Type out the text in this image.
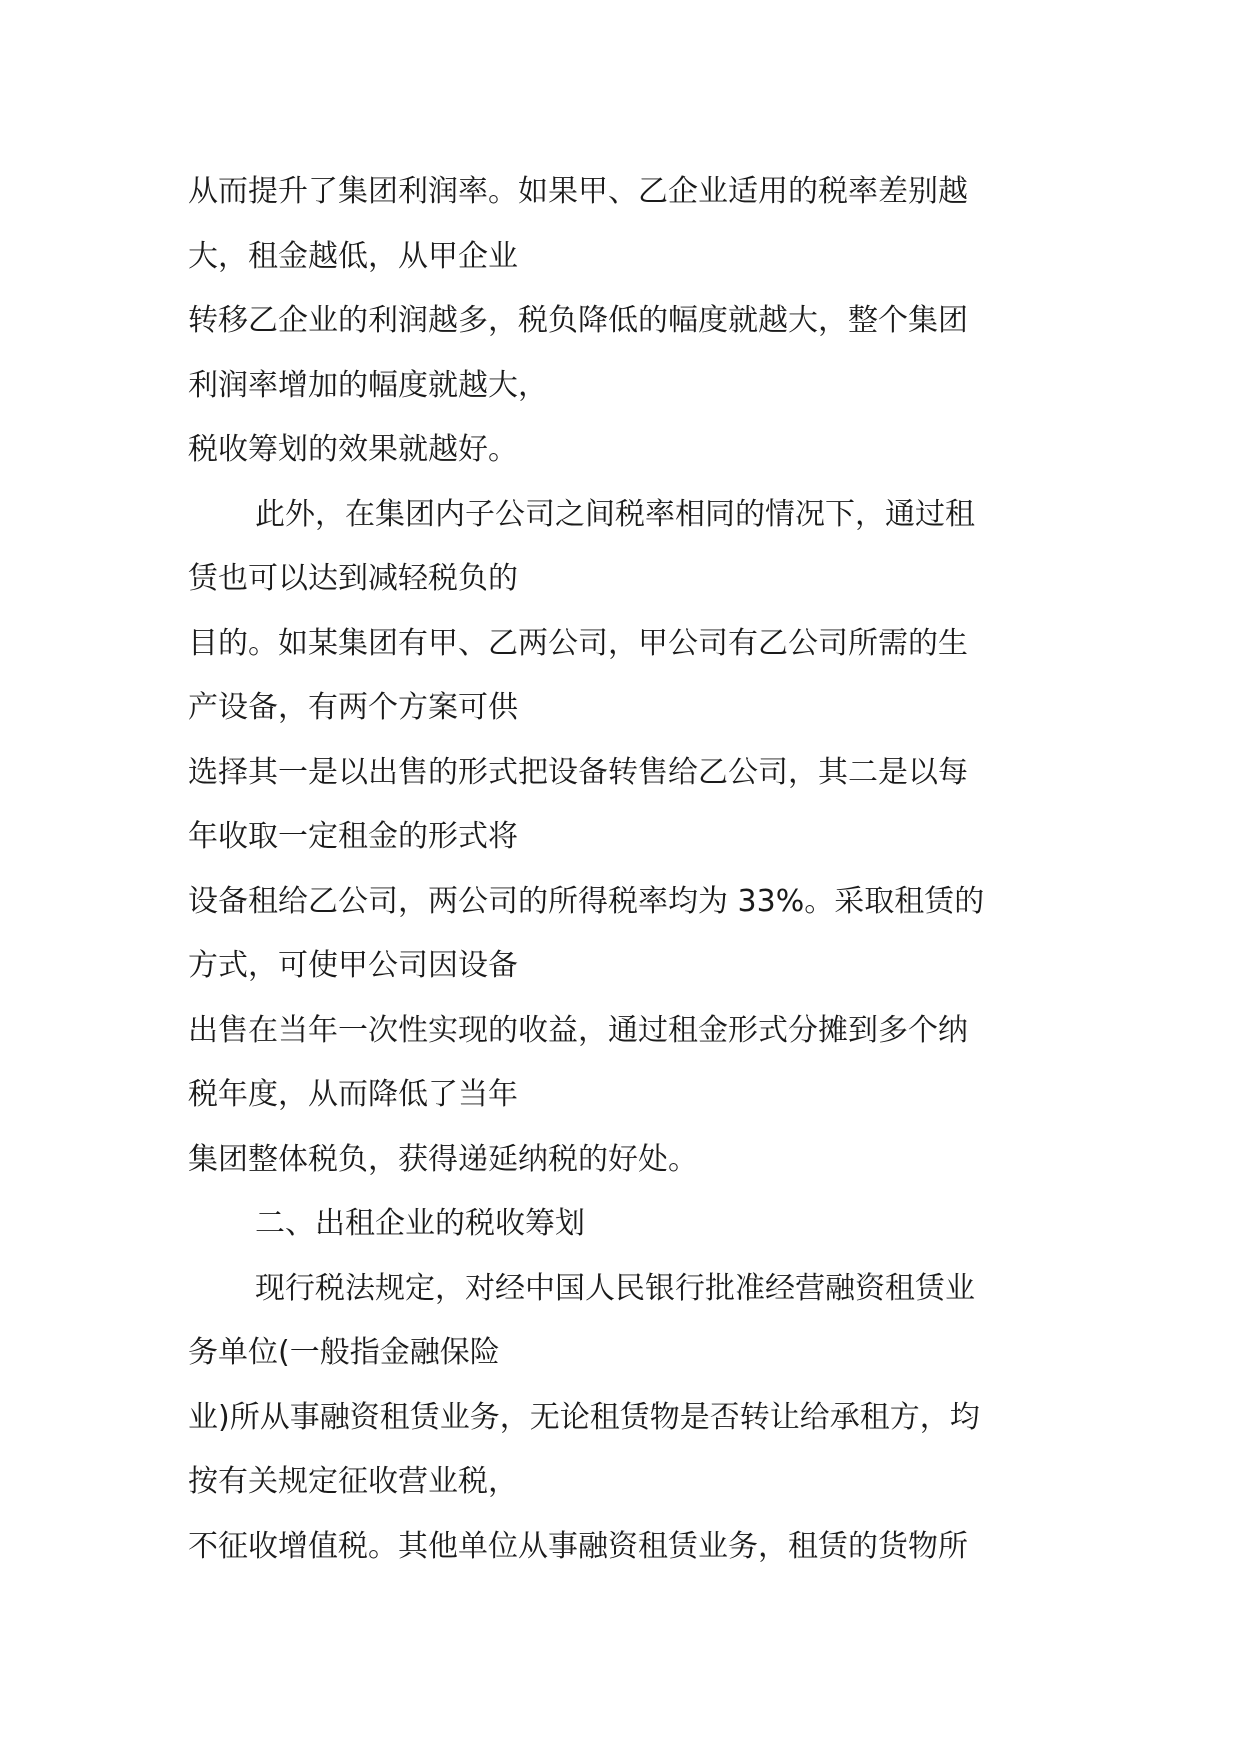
从而提升了集团利润率。如果甲、乙企业适用的税率差别越
大，租金越低，从甲企业
转移乙企业的利润越多，税负降低的幅度就越大，整个集团
利润率增加的幅度就越大，
税收筹划的效果就越好。
此外，在集团内子公司之间税率相同的情况下，通过租
赁也可以达到减轻税负的
目的。如某集团有甲、乙两公司，甲公司有乙公司所需的生
产设备，有两个方案可供
选择其一是以出售的形式把设备转售给乙公司，其二是以每
年收取一定租金的形式将
设备租给乙公司，两公司的所得税率均为 33%。采取租赁的
方式，可使甲公司因设备
出售在当年一次性实现的收益，通过租金形式分摊到多个纳
税年度，从而降低了当年
集团整体税负，获得递延纳税的好处。
二、出租企业的税收筹划
现行税法规定，对经中国人民银行批准经营融资租赁业
务单位(一般指金融保险
业)所从事融资租赁业务，无论租赁物是否转让给承租方，均
按有关规定征收营业税，
不征收增值税。其他单位从事融资租赁业务，租赁的货物所
